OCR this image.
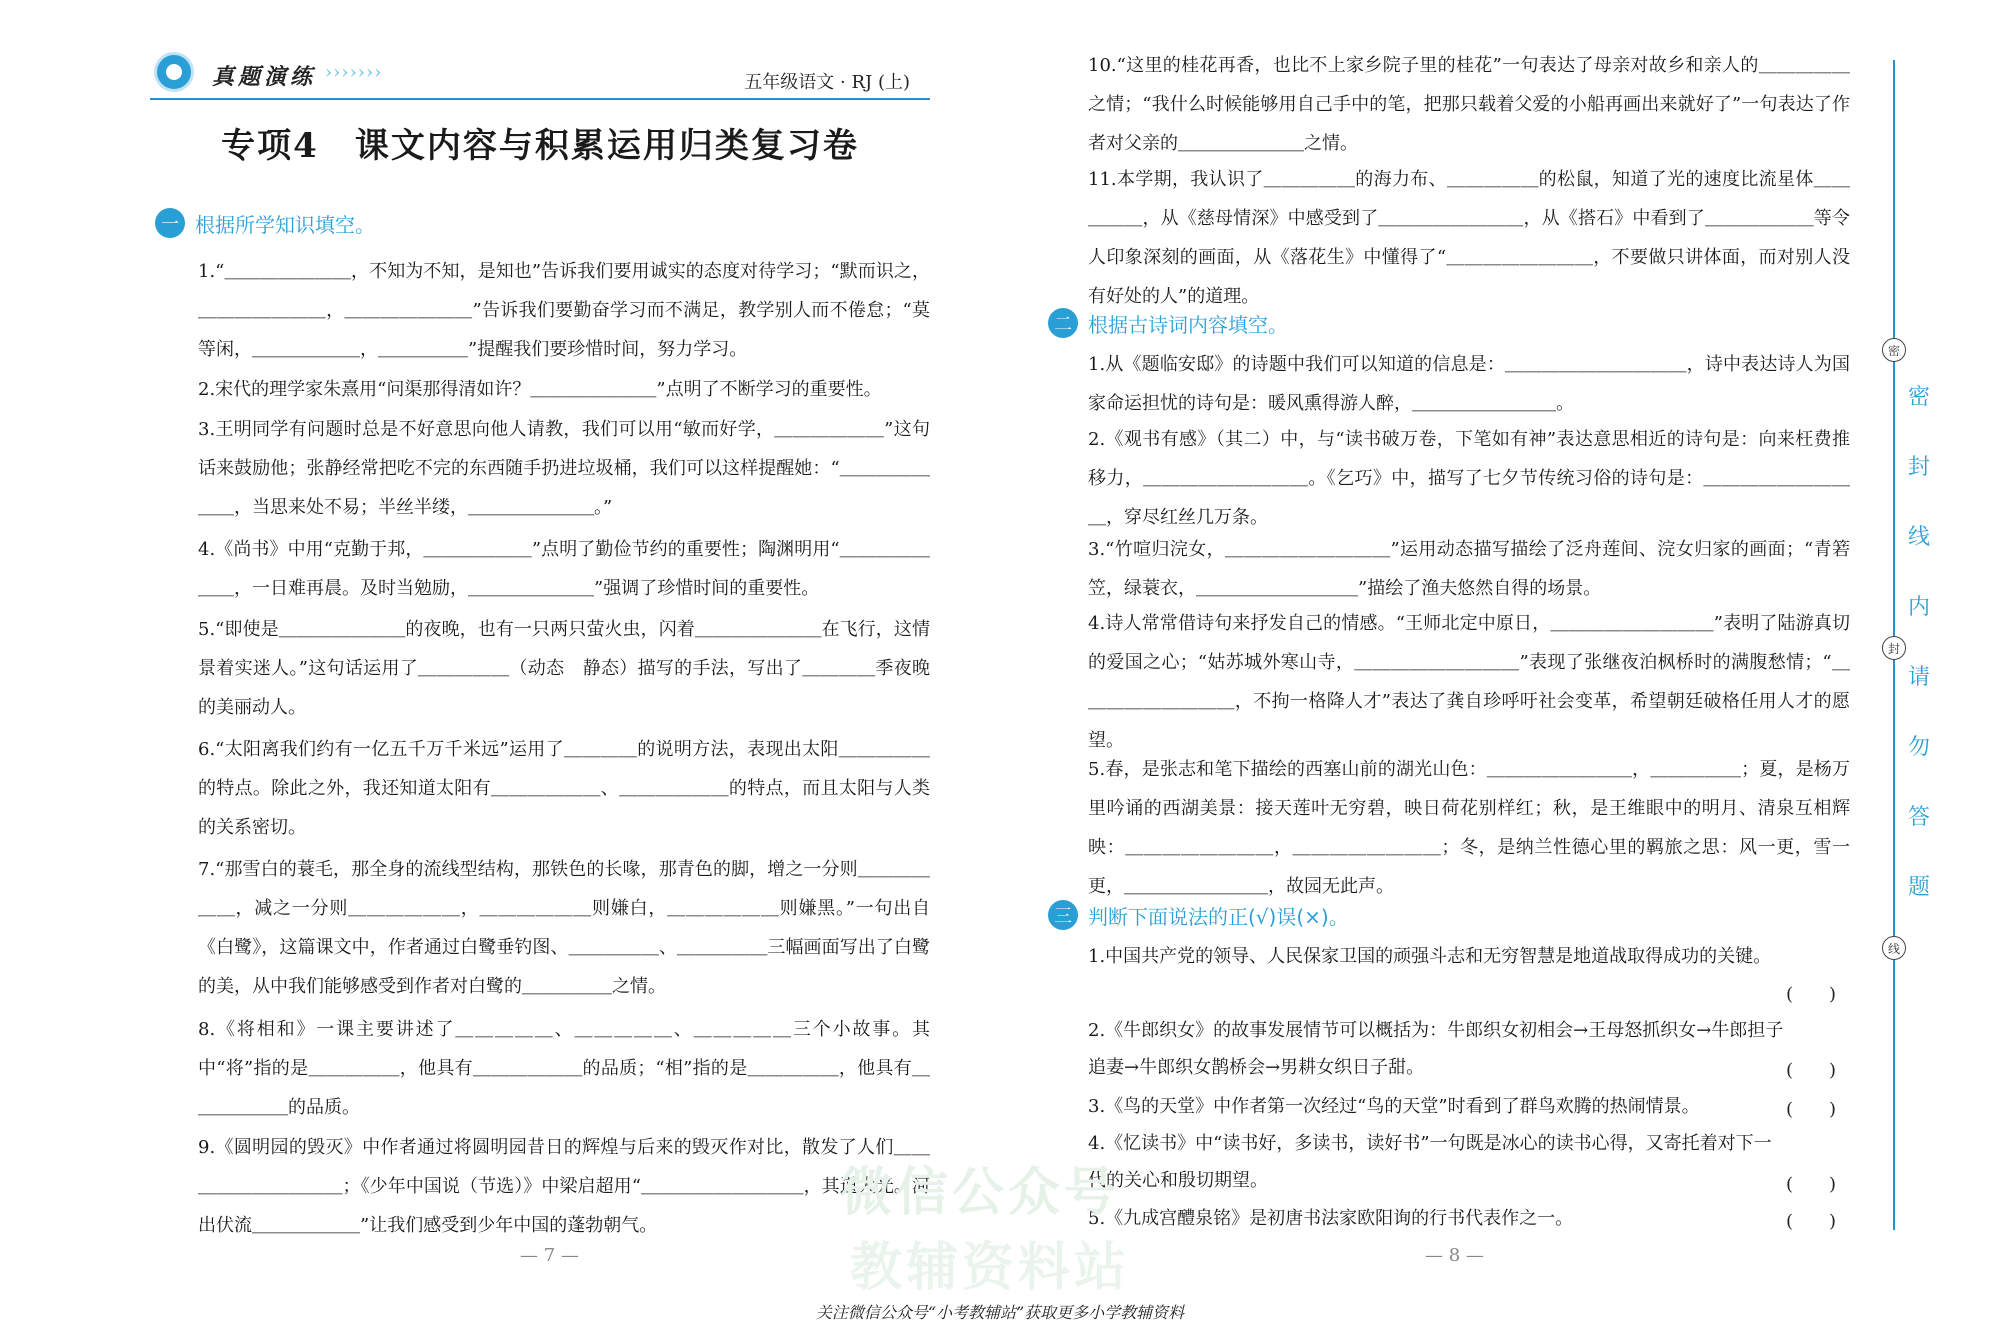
真题演练 ›››››››	五年级语文 · RJ (上)
专项4　课文内容与积累运用归类复习卷
一 根据所学知识填空。
1.“＿＿＿＿＿＿＿，不知为不知，是知也”告诉我们要用诚实的态度对待学习；“默而识之，＿＿＿＿＿＿＿，＿＿＿＿＿＿＿”告诉我们要勤奋学习而不满足，教学别人而不倦怠；“莫等闲，＿＿＿＿＿＿，＿＿＿＿＿”提醒我们要珍惜时间，努力学习。
2.宋代的理学家朱熹用“问渠那得清如许？＿＿＿＿＿＿＿”点明了不断学习的重要性。
3.王明同学有问题时总是不好意思向他人请教，我们可以用“敏而好学，＿＿＿＿＿＿”这句话来鼓励他；张静经常把吃不完的东西随手扔进垃圾桶，我们可以这样提醒她：“＿＿＿＿＿＿＿，当思来处不易；半丝半缕，＿＿＿＿＿＿＿。”
4.《尚书》中用“克勤于邦，＿＿＿＿＿＿”点明了勤俭节约的重要性；陶渊明用“＿＿＿＿＿＿＿，一日难再晨。及时当勉励，＿＿＿＿＿＿＿”强调了珍惜时间的重要性。
5.“即使是＿＿＿＿＿＿＿的夜晚，也有一只两只萤火虫，闪着＿＿＿＿＿＿＿在飞行，这情景着实迷人。”这句话运用了＿＿＿＿＿（动态　静态）描写的手法，写出了＿＿＿＿季夜晚的美丽动人。
6.“太阳离我们约有一亿五千万千米远”运用了＿＿＿＿的说明方法，表现出太阳＿＿＿＿＿的特点。除此之外，我还知道太阳有＿＿＿＿＿＿、＿＿＿＿＿＿的特点，而且太阳与人类的关系密切。
7.“那雪白的蓑毛，那全身的流线型结构，那铁色的长喙，那青色的脚，增之一分则＿＿＿＿＿＿，减之一分则＿＿＿＿＿＿，＿＿＿＿＿＿则嫌白，＿＿＿＿＿＿则嫌黑。”一句出自《白鹭》，这篇课文中，作者通过白鹭垂钓图、＿＿＿＿＿、＿＿＿＿＿三幅画面写出了白鹭的美，从中我们能够感受到作者对白鹭的＿＿＿＿＿之情。
8.《将相和》一课主要讲述了＿＿＿＿＿、＿＿＿＿＿、＿＿＿＿＿三个小故事。其中“将”指的是＿＿＿＿＿，他具有＿＿＿＿＿＿的品质；“相”指的是＿＿＿＿＿，他具有＿＿＿＿＿＿的品质。
9.《圆明园的毁灭》中作者通过将圆明园昔日的辉煌与后来的毁灭作对比，散发了人们＿＿＿＿＿＿＿＿＿＿；《少年中国说（节选）》中梁启超用“＿＿＿＿＿＿＿＿＿，其道大光。河出伏流＿＿＿＿＿＿”让我们感受到少年中国的蓬勃朝气。
— 7 —
10.“这里的桂花再香，也比不上家乡院子里的桂花”一句表达了母亲对故乡和亲人的＿＿＿＿＿之情；“我什么时候能够用自己手中的笔，把那只载着父爱的小船再画出来就好了”一句表达了作者对父亲的＿＿＿＿＿＿＿之情。
11.本学期，我认识了＿＿＿＿＿的海力布、＿＿＿＿＿的松鼠，知道了光的速度比流星体＿＿＿＿＿，从《慈母情深》中感受到了＿＿＿＿＿＿＿＿，从《搭石》中看到了＿＿＿＿＿＿等令人印象深刻的画面，从《落花生》中懂得了“＿＿＿＿＿＿＿＿，不要做只讲体面，而对别人没有好处的人”的道理。
二 根据古诗词内容填空。
1.从《题临安邸》的诗题中我们可以知道的信息是：＿＿＿＿＿＿＿＿＿＿，诗中表达诗人为国家命运担忧的诗句是：暖风熏得游人醉，＿＿＿＿＿＿＿＿。
2.《观书有感》（其二）中，与“读书破万卷，下笔如有神”表达意思相近的诗句是：向来枉费推移力，＿＿＿＿＿＿＿＿＿。《乞巧》中，描写了七夕节传统习俗的诗句是：＿＿＿＿＿＿＿＿＿，穿尽红丝几万条。
3.“竹喧归浣女，＿＿＿＿＿＿＿＿＿”运用动态描写描绘了泛舟莲间、浣女归家的画面；“青箬笠，绿蓑衣，＿＿＿＿＿＿＿＿＿”描绘了渔夫悠然自得的场景。
4.诗人常常借诗句来抒发自己的情感。“王师北定中原日，＿＿＿＿＿＿＿＿＿”表明了陆游真切的爱国之心；“姑苏城外寒山寺，＿＿＿＿＿＿＿＿＿”表现了张继夜泊枫桥时的满腹愁情；“＿＿＿＿＿＿＿＿＿，不拘一格降人才”表达了龚自珍呼吁社会变革，希望朝廷破格任用人才的愿望。
5.春，是张志和笔下描绘的西塞山前的湖光山色：＿＿＿＿＿＿＿＿，＿＿＿＿＿；夏，是杨万里吟诵的西湖美景：接天莲叶无穷碧，映日荷花别样红；秋，是王维眼中的明月、清泉互相辉映：＿＿＿＿＿＿＿＿，＿＿＿＿＿＿＿＿；冬，是纳兰性德心里的羁旅之思：风一更，雪一更，＿＿＿＿＿＿＿＿，故园无此声。
三 判断下面说法的正(√)误(×)。
1.中国共产党的领导、人民保家卫国的顽强斗志和无穷智慧是地道战取得成功的关键。
(　　)
2.《牛郎织女》的故事发展情节可以概括为：牛郎织女初相会→王母怒抓织女→牛郎担子追妻→牛郎织女鹊桥会→男耕女织日子甜。	(　　)
3.《鸟的天堂》中作者第一次经过“鸟的天堂”时看到了群鸟欢腾的热闹情景。	(　　)
4.《忆读书》中“读书好，多读书，读好书”一句既是冰心的读书心得，又寄托着对下一代的关心和殷切期望。	(　　)
5.《九成宫醴泉铭》是初唐书法家欧阳询的行书代表作之一。	(　　)
— 8 —
密
封
线
密
封
线
内
请
勿
答
题
微信公众号
教辅资料站
关注微信公众号“小考教辅站”获取更多小学教辅资料
